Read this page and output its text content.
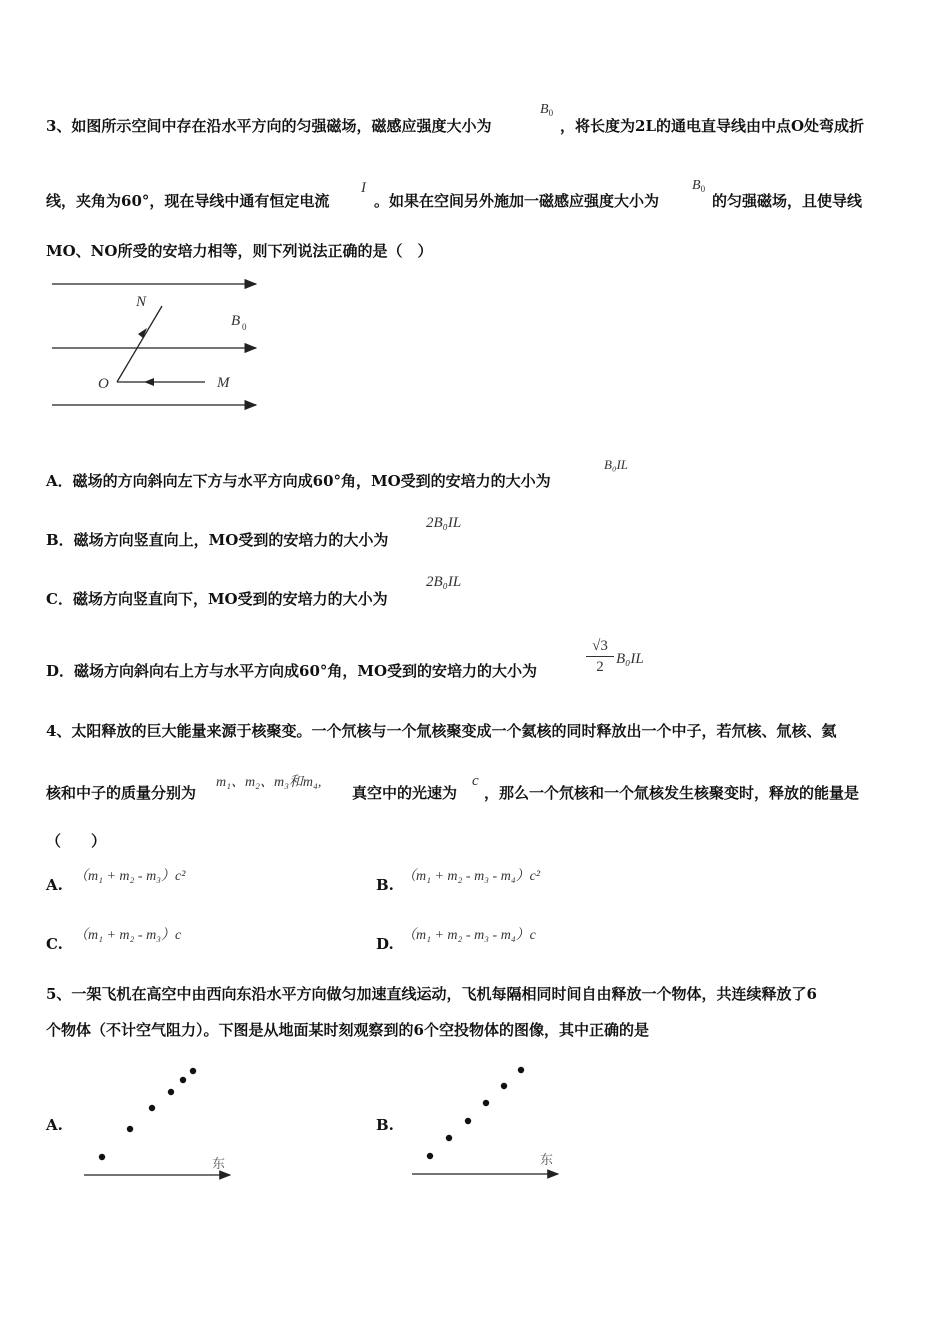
3、如图所示空间中存在沿水平方向的匀强磁场，磁感应强度大小为
$B_0$
，将长度为2L的通电直导线由中点O处弯成折
线，夹角为60°，现在导线中通有恒定电流
I
。如果在空间另外施加一磁感应强度大小为
$B_0$
的匀强磁场，且使导线
MO、NO所受的安培力相等，则下列说法正确的是（　）
N
B 0
O	M
A．磁场的方向斜向左下方与水平方向成60°角，MO受到的安培力的大小为
B₀IL
B．磁场方向竖直向上，MO受到的安培力的大小为
2B₀IL
C．磁场方向竖直向下，MO受到的安培力的大小为
2B₀IL
D．磁场方向斜向右上方与水平方向成60°角，MO受到的安培力的大小为	$\frac{√3}{2} B_0IL$
4、太阳释放的巨大能量来源于核聚变。一个氘核与一个氚核聚变成一个氦核的同时释放出一个中子，若氘核、氚核、氦
核和中子的质量分别为
m₁、m₂、m₃和m₄,
真空中的光速为
c
，那么一个氘核和一个氚核发生核聚变时，释放的能量是
（　　）
A. （m₁ + m₂ - m₃）c²	B. （m₁ + m₂ - m₃ - m₄）c²
C. （m₁ + m₂ - m₃）c	D. （m₁ + m₂ - m₃ - m₄）c
5、一架飞机在高空中由西向东沿水平方向做匀加速直线运动，飞机每隔相同时间自由释放一个物体，共连续释放了6
个物体（不计空气阻力）。下图是从地面某时刻观察到的6个空投物体的图像，其中正确的是
A.
东
B.
东
